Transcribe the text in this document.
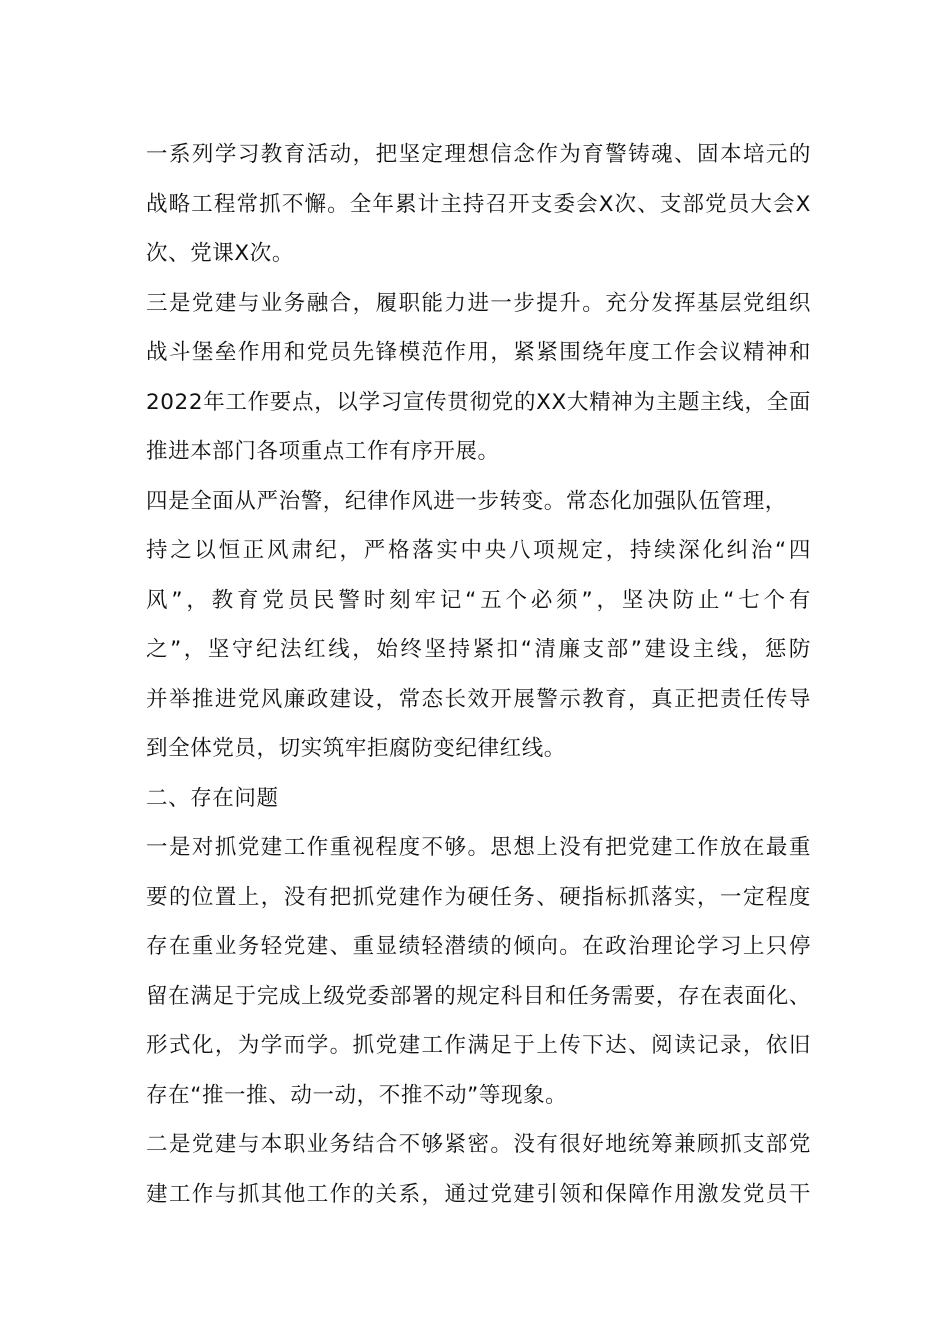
一系列学习教育活动，把坚定理想信念作为育警铸魂、固本培元的
战略工程常抓不懈。全年累计主持召开支委会X次、支部党员大会X
次、党课X次。
三是党建与业务融合，履职能力进一步提升。充分发挥基层党组织
战斗堡垒作用和党员先锋模范作用，紧紧围绕年度工作会议精神和
2022年工作要点，以学习宣传贯彻党的XX大精神为主题主线，全面
推进本部门各项重点工作有序开展。
四是全面从严治警，纪律作风进一步转变。常态化加强队伍管理，
持之以恒正风肃纪，严格落实中央八项规定，持续深化纠治“四
风”，教育党员民警时刻牢记“五个必须”，坚决防止“七个有
之”，坚守纪法红线，始终坚持紧扣“清廉支部”建设主线，惩防
并举推进党风廉政建设，常态长效开展警示教育，真正把责任传导
到全体党员，切实筑牢拒腐防变纪律红线。
二、存在问题
一是对抓党建工作重视程度不够。思想上没有把党建工作放在最重
要的位置上，没有把抓党建作为硬任务、硬指标抓落实，一定程度
存在重业务轻党建、重显绩轻潜绩的倾向。在政治理论学习上只停
留在满足于完成上级党委部署的规定科目和任务需要，存在表面化、
形式化，为学而学。抓党建工作满足于上传下达、阅读记录，依旧
存在“推一推、动一动，不推不动”等现象。
二是党建与本职业务结合不够紧密。没有很好地统筹兼顾抓支部党
建工作与抓其他工作的关系，通过党建引领和保障作用激发党员干
